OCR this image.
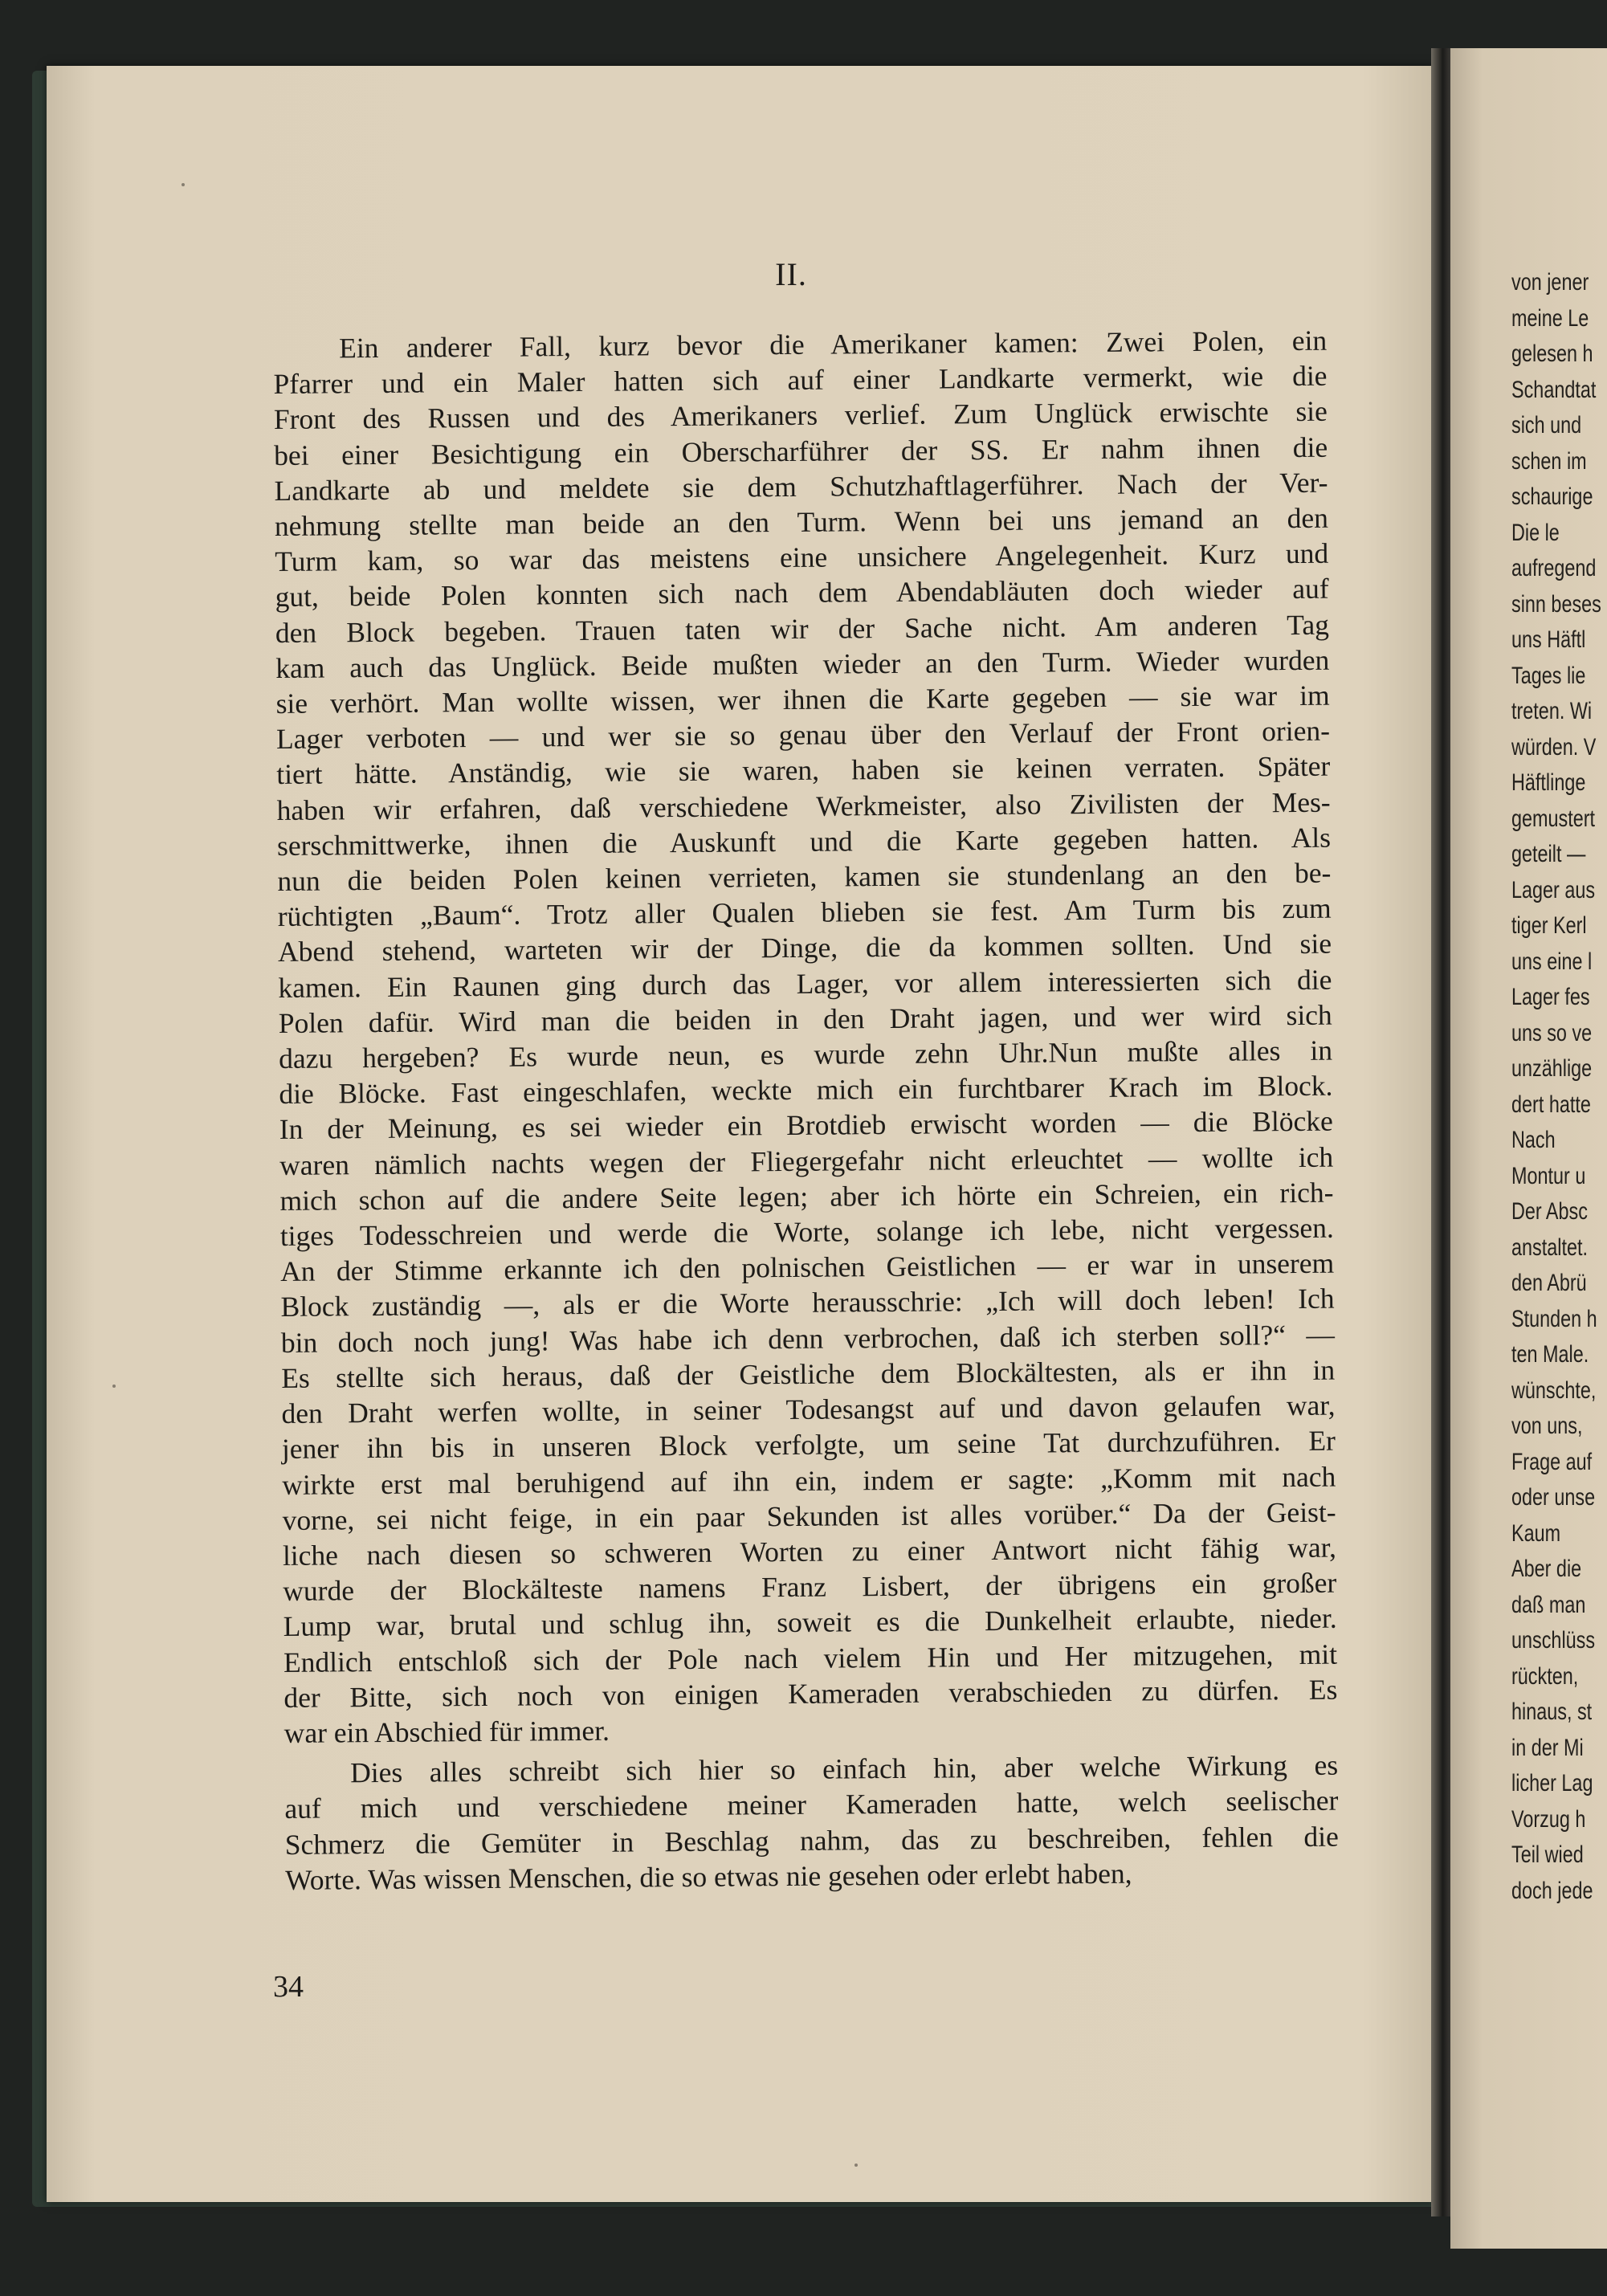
II.
Ein anderer Fall, kurz bevor die Amerikaner kamen: Zwei Polen, ein
Pfarrer und ein Maler hatten sich auf einer Landkarte vermerkt, wie die
Front des Russen und des Amerikaners verlief. Zum Unglück erwischte sie
bei einer Besichtigung ein Oberscharführer der SS. Er nahm ihnen die
Landkarte ab und meldete sie dem Schutzhaftlagerführer. Nach der Ver-
nehmung stellte man beide an den Turm. Wenn bei uns jemand an den
Turm kam, so war das meistens eine unsichere Angelegenheit. Kurz und
gut, beide Polen konnten sich nach dem Abendabläuten doch wieder auf
den Block begeben. Trauen taten wir der Sache nicht. Am anderen Tag
kam auch das Unglück. Beide mußten wieder an den Turm. Wieder wurden
sie verhört. Man wollte wissen, wer ihnen die Karte gegeben — sie war im
Lager verboten — und wer sie so genau über den Verlauf der Front orien-
tiert hätte. Anständig, wie sie waren, haben sie keinen verraten. Später
haben wir erfahren, daß verschiedene Werkmeister, also Zivilisten der Mes-
serschmittwerke, ihnen die Auskunft und die Karte gegeben hatten. Als
nun die beiden Polen keinen verrieten, kamen sie stundenlang an den be-
rüchtigten „Baum“. Trotz aller Qualen blieben sie fest. Am Turm bis zum
Abend stehend, warteten wir der Dinge, die da kommen sollten. Und sie
kamen. Ein Raunen ging durch das Lager, vor allem interessierten sich die
Polen dafür. Wird man die beiden in den Draht jagen, und wer wird sich
dazu hergeben? Es wurde neun, es wurde zehn Uhr.Nun mußte alles in
die Blöcke. Fast eingeschlafen, weckte mich ein furchtbarer Krach im Block.
In der Meinung, es sei wieder ein Brotdieb erwischt worden — die Blöcke
waren nämlich nachts wegen der Fliegergefahr nicht erleuchtet — wollte ich
mich schon auf die andere Seite legen; aber ich hörte ein Schreien, ein rich-
tiges Todesschreien und werde die Worte, solange ich lebe, nicht vergessen.
An der Stimme erkannte ich den polnischen Geistlichen — er war in unserem
Block zuständig —, als er die Worte herausschrie: „Ich will doch leben! Ich
bin doch noch jung! Was habe ich denn verbrochen, daß ich sterben soll?“ —
Es stellte sich heraus, daß der Geistliche dem Blockältesten, als er ihn in
den Draht werfen wollte, in seiner Todesangst auf und davon gelaufen war,
jener ihn bis in unseren Block verfolgte, um seine Tat durchzuführen. Er
wirkte erst mal beruhigend auf ihn ein, indem er sagte: „Komm mit nach
vorne, sei nicht feige, in ein paar Sekunden ist alles vorüber.“ Da der Geist-
liche nach diesen so schweren Worten zu einer Antwort nicht fähig war,
wurde der Blockälteste namens Franz Lisbert, der übrigens ein großer
Lump war, brutal und schlug ihn, soweit es die Dunkelheit erlaubte, nieder.
Endlich entschloß sich der Pole nach vielem Hin und Her mitzugehen, mit
der Bitte, sich noch von einigen Kameraden verabschieden zu dürfen. Es
war ein Abschied für immer.
Dies alles schreibt sich hier so einfach hin, aber welche Wirkung es
auf mich und verschiedene meiner Kameraden hatte, welch seelischer
Schmerz die Gemüter in Beschlag nahm, das zu beschreiben, fehlen die
Worte. Was wissen Menschen, die so etwas nie gesehen oder erlebt haben,
34
von jener
meine Le
gelesen h
Schandtat
sich und
schen im
schaurige
Die le
aufregend
sinn beses
uns Häftl
Tages lie
treten. Wi
würden. V
Häftlinge
gemustert
geteilt —
Lager aus
tiger Kerl
uns eine l
Lager fes
uns so ve
unzählige
dert hatte
Nach
Montur u
Der Absc
anstaltet.
den Abrü
Stunden h
ten Male.
wünschte,
von uns,
Frage auf
oder unse
Kaum
Aber die
daß man
unschlüss
rückten,
hinaus, st
in der Mi
licher Lag
Vorzug h
Teil wied
doch jede
